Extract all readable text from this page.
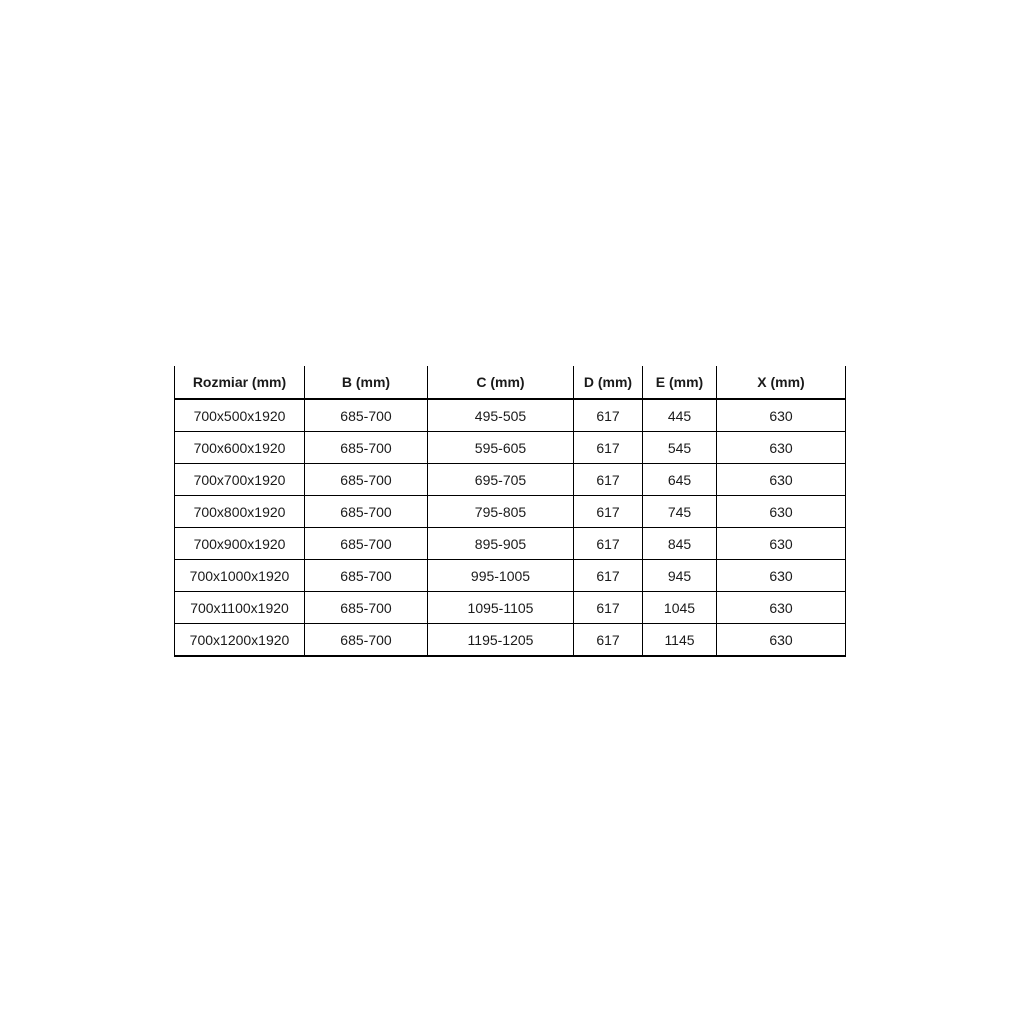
Rozmiar (mm)	B (mm)	C (mm)	D (mm)	E (mm)	X (mm)
700x500x1920	685-700	495-505	617	445	630
700x600x1920	685-700	595-605	617	545	630
700x700x1920	685-700	695-705	617	645	630
700x800x1920	685-700	795-805	617	745	630
700x900x1920	685-700	895-905	617	845	630
700x1000x1920	685-700	995-1005	617	945	630
700x1100x1920	685-700	1095-1105	617	1045	630
700x1200x1920	685-700	1195-1205	617	1145	630
